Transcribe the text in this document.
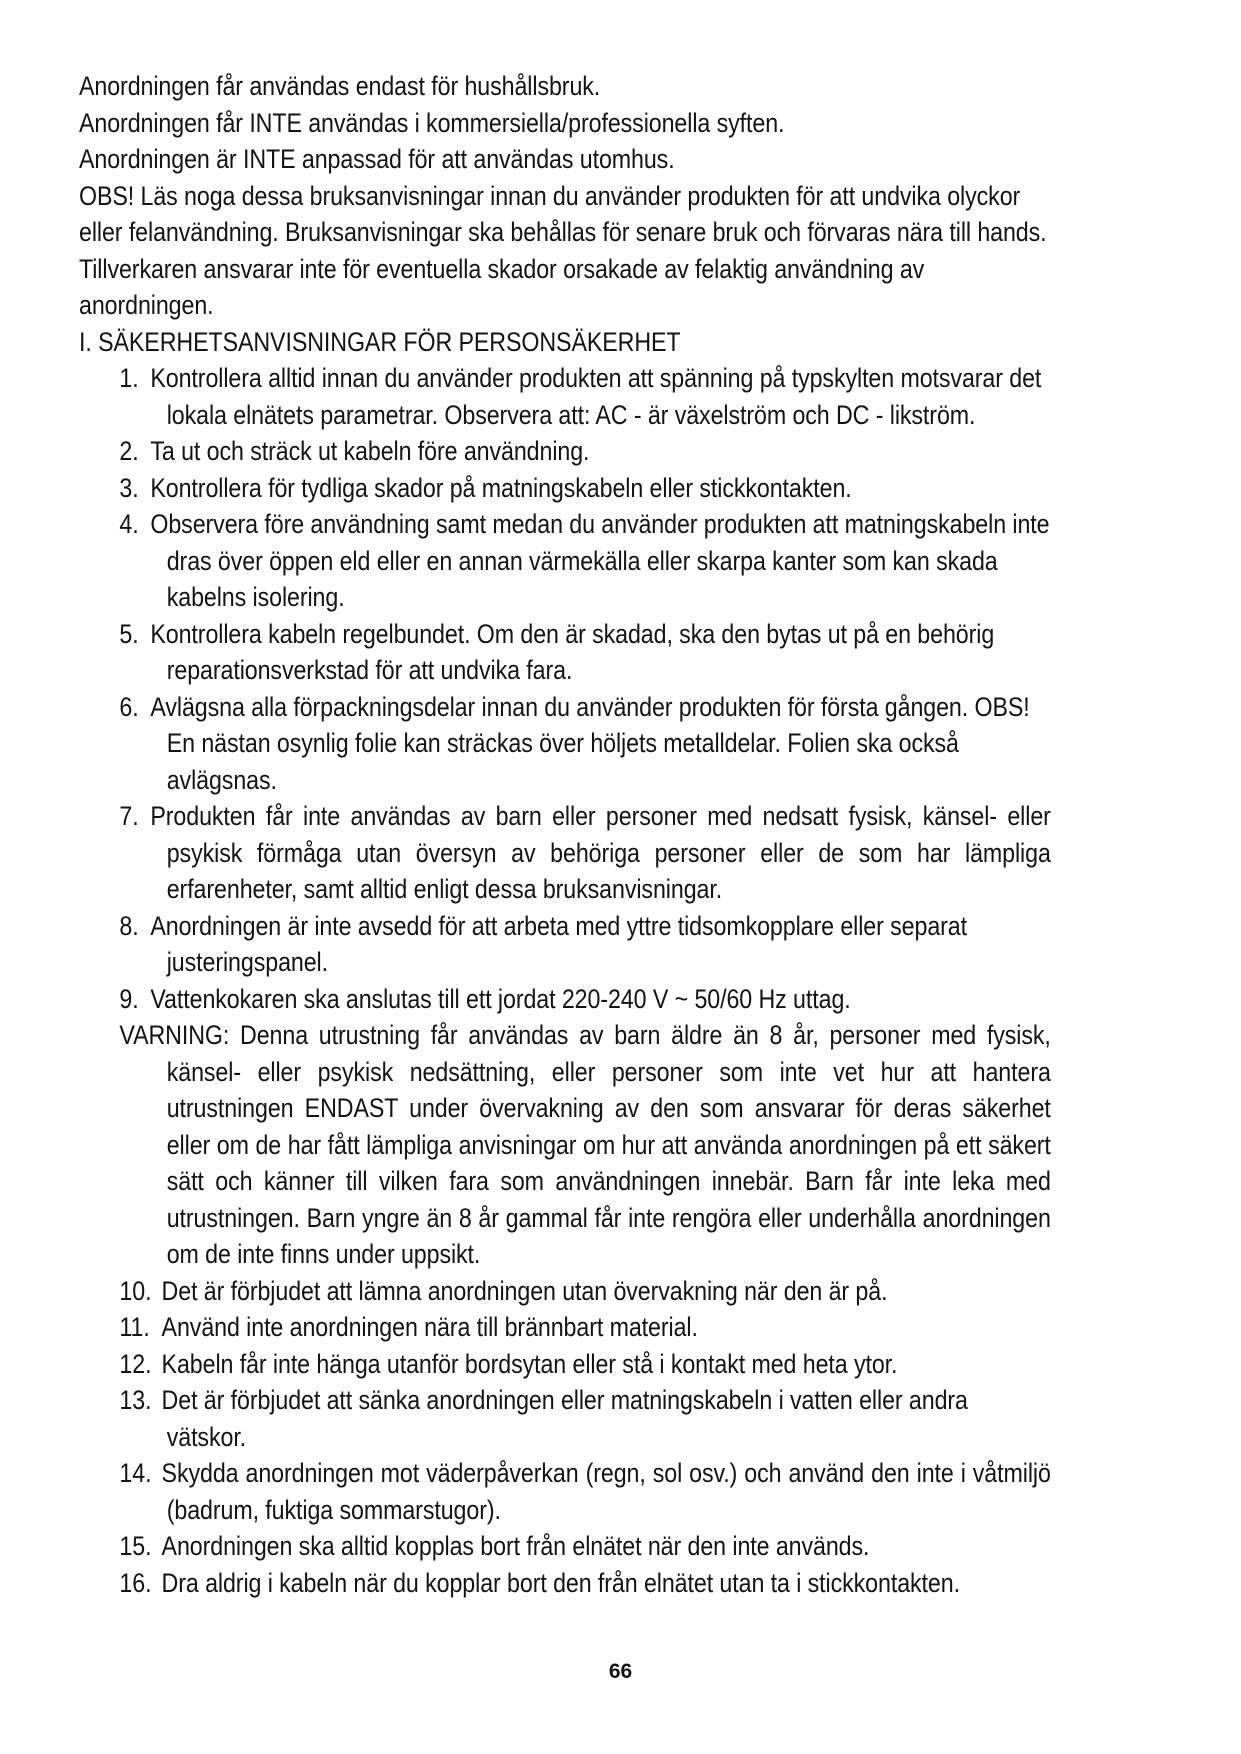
Anordningen får användas endast för hushållsbruk.

Anordningen får INTE användas i kommersiella/professionella syften.

Anordningen är INTE anpassad för att användas utomhus.

OBS! Läs noga dessa bruksanvisningar innan du använder produkten för att undvika olyckor eller felanvändning. Bruksanvisningar ska behållas för senare bruk och förvaras nära till hands. Tillverkaren ansvarar inte för eventuella skador orsakade av felaktig användning av anordningen.

I. SÄKERHETSANVISNINGAR FÖR PERSONSÄKERHET

1. Kontrollera alltid innan du använder produkten att spänning på typskylten motsvarar det lokala elnätets parametrar. Observera att: AC - är växelström och DC - likström.
2. Ta ut och sträck ut kabeln före användning.
3. Kontrollera för tydliga skador på matningskabeln eller stickkontakten.
4. Observera före användning samt medan du använder produkten att matningskabeln inte dras över öppen eld eller en annan värmekälla eller skarpa kanter som kan skada kabelns isolering.
5. Kontrollera kabeln regelbundet. Om den är skadad, ska den bytas ut på en behörig reparationsverkstad för att undvika fara.
6. Avlägsna alla förpackningsdelar innan du använder produkten för första gången. OBS! En nästan osynlig folie kan sträckas över höljets metalldelar. Folien ska också avlägsnas.
7. Produkten får inte användas av barn eller personer med nedsatt fysisk, känsel- eller psykisk förmåga utan översyn av behöriga personer eller de som har lämpliga erfarenheter, samt alltid enligt dessa bruksanvisningar.
8. Anordningen är inte avsedd för att arbeta med yttre tidsomkopplare eller separat justeringspanel.
9. Vattenkokaren ska anslutas till ett jordat 220-240 V ~ 50/60 Hz uttag.

VARNING: Denna utrustning får användas av barn äldre än 8 år, personer med fysisk, känsel- eller psykisk nedsättning, eller personer som inte vet hur att hantera utrustningen ENDAST under övervakning av den som ansvarar för deras säkerhet eller om de har fått lämpliga anvisningar om hur att använda anordningen på ett säkert sätt och känner till vilken fara som användningen innebär. Barn får inte leka med utrustningen. Barn yngre än 8 år gammal får inte rengöra eller underhålla anordningen om de inte finns under uppsikt.

10. Det är förbjudet att lämna anordningen utan övervakning när den är på.
11. Använd inte anordningen nära till brännbart material.
12. Kabeln får inte hänga utanför bordsytan eller stå i kontakt med heta ytor.
13. Det är förbjudet att sänka anordningen eller matningskabeln i vatten eller andra vätskor.
14. Skydda anordningen mot väderpåverkan (regn, sol osv.) och använd den inte i våtmiljö (badrum, fuktiga sommarstugor).
15. Anordningen ska alltid kopplas bort från elnätet när den inte används.
16. Dra aldrig i kabeln när du kopplar bort den från elnätet utan ta i stickkontakten.
66
